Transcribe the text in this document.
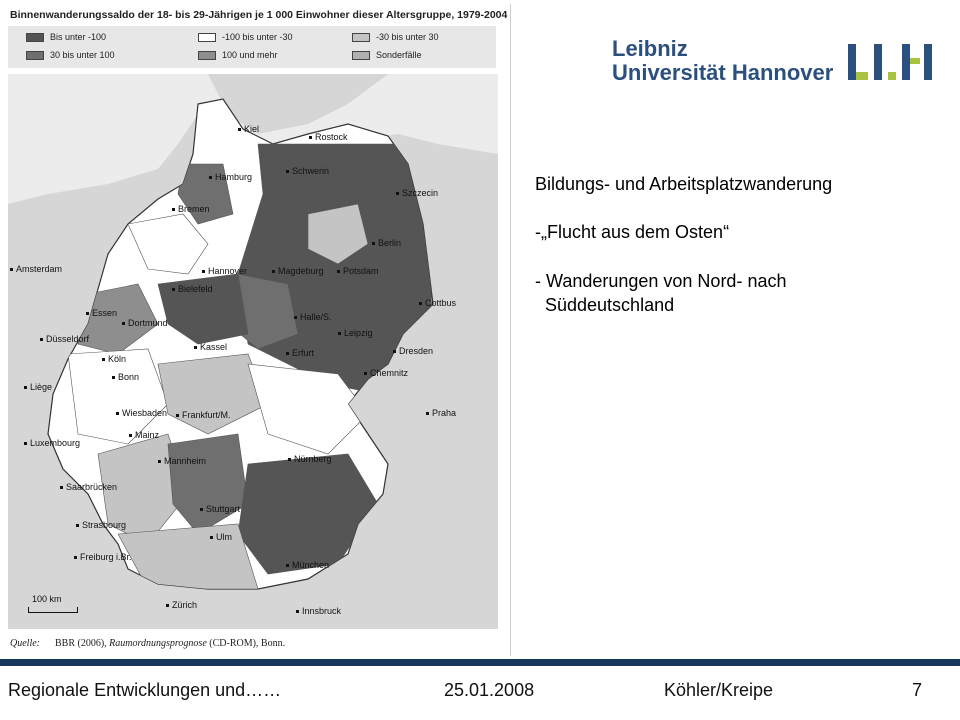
Binnenwanderungssaldo der 18- bis 29-Jährigen je 1 000 Einwohner dieser Altersgruppe, 1979-2004
Bis unter -100	-100 bis unter -30	-30 bis unter 30
30 bis unter 100	100 und mehr	Sonderfälle
Kiel
Rostock
Schwerin
Hamburg
Szczecin
Bremen
Berlin
Amsterdam	Hannover	Magdeburg	Potsdam
Bielefeld
Cottbus
Essen
Dortmund
Halle/S.
Leipzig
Düsseldorf
Kassel
Erfurt	Dresden
Köln
Bonn	Chemnitz
Liège
Wiesbaden	Frankfurt/M.	Praha
Luxembourg
Mainz
Mannheim	Nürnberg
Saarbrücken
Stuttgart
Strasbourg
Ulm
München
Freiburg i.Br.
Zürich
Innsbruck
100 km
Quelle: BBR (2006), Raumordnungsprognose (CD-ROM), Bonn.
Leibniz
Universität Hannover
Bildungs- und Arbeitsplatzwanderung
-„Flucht aus dem Osten“
- Wanderungen von Nord- nach
Süddeutschland
Regionale Entwicklungen und……	25.01.2008	Köhler/Kreipe	7
